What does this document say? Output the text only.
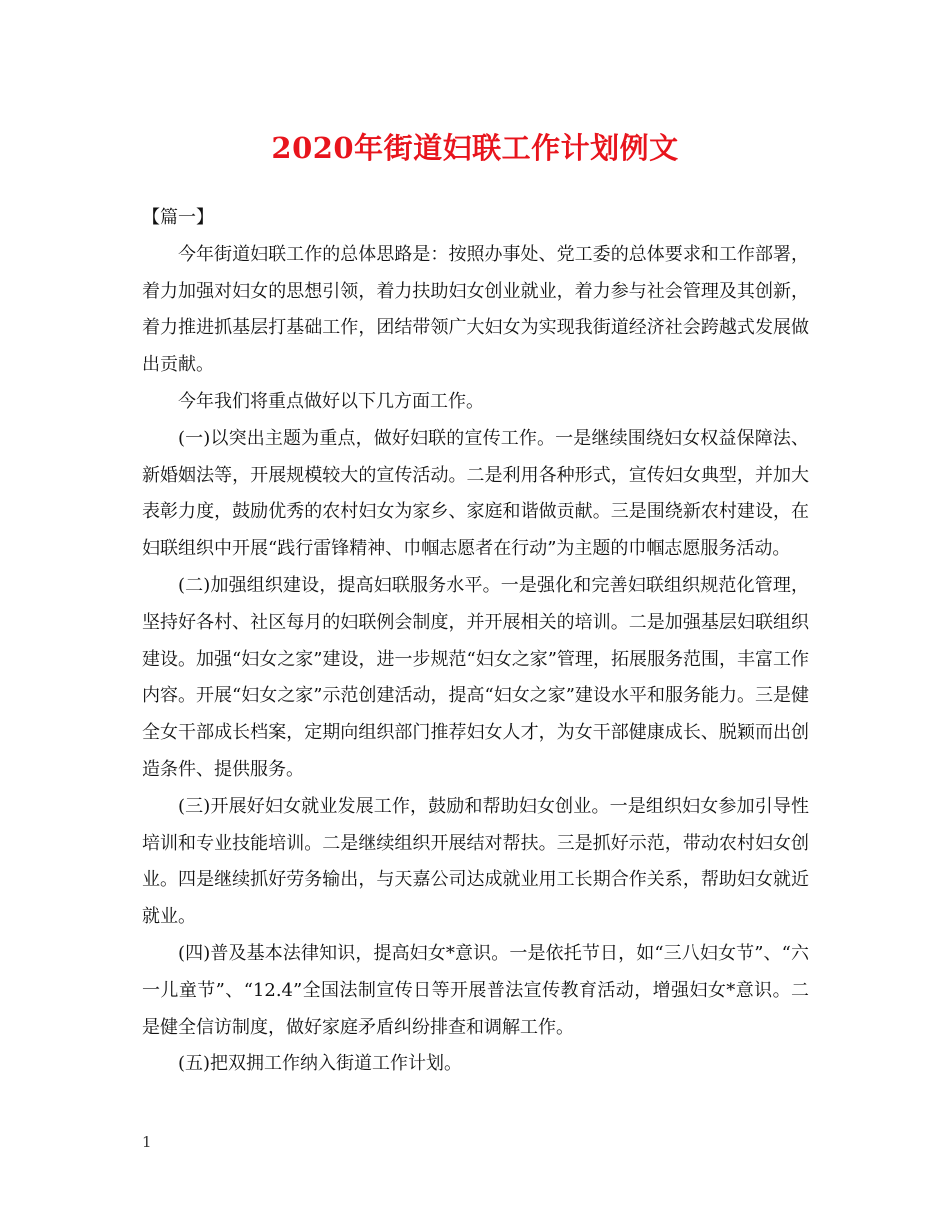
2020年街道妇联工作计划例文

【篇一】

今年街道妇联工作的总体思路是：按照办事处、党工委的总体要求和工作部署，着力加强对妇女的思想引领，着力扶助妇女创业就业，着力参与社会管理及其创新，着力推进抓基层打基础工作，团结带领广大妇女为实现我街道经济社会跨越式发展做出贡献。

今年我们将重点做好以下几方面工作。

(一)以突出主题为重点，做好妇联的宣传工作。一是继续围绕妇女权益保障法、新婚姻法等，开展规模较大的宣传活动。二是利用各种形式，宣传妇女典型，并加大表彰力度，鼓励优秀的农村妇女为家乡、家庭和谐做贡献。三是围绕新农村建设，在妇联组织中开展“践行雷锋精神、巾帼志愿者在行动”为主题的巾帼志愿服务活动。

(二)加强组织建设，提高妇联服务水平。一是强化和完善妇联组织规范化管理，坚持好各村、社区每月的妇联例会制度，并开展相关的培训。二是加强基层妇联组织建设。加强“妇女之家”建设，进一步规范“妇女之家”管理，拓展服务范围，丰富工作内容。开展“妇女之家”示范创建活动，提高“妇女之家”建设水平和服务能力。三是健全女干部成长档案，定期向组织部门推荐妇女人才，为女干部健康成长、脱颖而出创造条件、提供服务。

(三)开展好妇女就业发展工作，鼓励和帮助妇女创业。一是组织妇女参加引导性培训和专业技能培训。二是继续组织开展结对帮扶。三是抓好示范，带动农村妇女创业。四是继续抓好劳务输出，与天嘉公司达成就业用工长期合作关系，帮助妇女就近就业。

(四)普及基本法律知识，提高妇女*意识。一是依托节日，如“三八妇女节”、“六一儿童节”、“12.4”全国法制宣传日等开展普法宣传教育活动，增强妇女*意识。二是健全信访制度，做好家庭矛盾纠纷排查和调解工作。

(五)把双拥工作纳入街道工作计划。

1
